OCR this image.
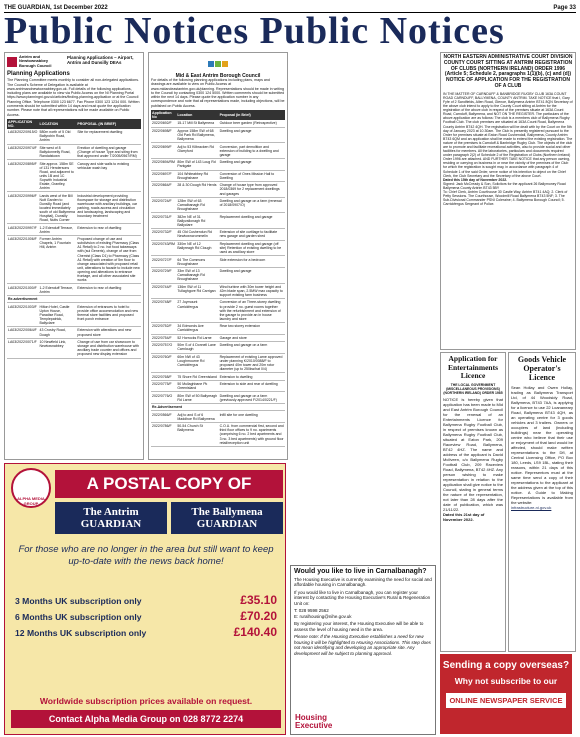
THE GUARDIAN, 1st December 2022	Page 33
Public Notices Public Notices
Antrim and Newtownabbey Borough Council
Planning Applications – Airport, Antrim and Dunsilly DEAs
Planning Applications
The Planning Committee meets monthly to consider all non-delegated applications. The Council's Scheme of Delegation is available at www.antrimandnewtownabbey.gov.uk. Full details of the following applications, including plans are available to view via Public Access on the NI Planning Portal https://www.planningni.gov.uk/articles/finding-planning-application or at the Council Planning Office. Telephone 0300 123 6677. Fax Phone 0300 123 1234 000. Written comments should be submitted within 14 days and must quote the application number. Please note that all representations will be made available on Public Access.
APPLICATION NO.	LOCATION	PROPOSAL (IN BRIEF)
LA03/2022/0915/O	580m north of 5 Old Ballyrobin Road, Antrim	Site for replacement dwelling
LA03/2022/0974/F	Site west of 8 Ballydonnelly Road, Randalstown	Erection of dwelling and garage (Change of house Type and siting from that approved under T/2005/0567/RM)
LA03/2022/0895/F	Site approx. 158m SE of 131 Hendersons Road, and adjacent to units 1B and 1C Sopwith Industrial Estate, Grantley, Antrim	Canopy and side walls to existing vehicular wash bay
LA03/2022/0996/F	Lands west of the Bill Nutt Garden to Dunsilly Road (and located immediately south of old Ballymena Hospital), Dunsilly Road, Nutts Corner	Industrial development providing floorspace for storage and distribution warehouse with ancillary buildings, car parking, roads access and circulation and landscaping, landscaping and boundary treatment
LA03/2022/0997/F	1-2 Edenduff Terrace, Antrim	Extension to rear of dwelling
LA03/2022/1006/F	Former Antrim Chapels, 1 Fountain Hill, Antrim	Proposed change of use and subdivision of existing Pharmacy (Class A1 Retail) to 2 no. hot food takeaways with (sui Generis), change of use from Chemist (Class D1) to Pharmacy (Class A1 Retail) with creation of 5m floor to change associated with proposed retail unit, alterations to facade to include new opening and alterations to entrance frontage, and all other associated site works
LA03/2022/1000/F	1-2 Edenduff Terrace, Antrim	Extension to rear of dwelling
Re-advertisement		
LA03/2022/1003/F	Hilton Hotel, Castle Upton House, Paradise Road, Templepatrick, Ballyclare	Extension of entrances to hotel to provide office accommodation and new thermal store facilities and proposed front porch entrance
LA03/2022/0064/F	43 Crosby Road, Doagh	Extension with alterations and new proposed store
LA03/2022/0071/F	10 Newfield Link, Newtownabbey	Change of use from car showroom to storage and distribution warehouse with ancillary trade counter and offices and proposed new display extension
ALPHA MEDIA GROUP
A POSTAL COPY OF
The Antrim GUARDIAN
The Ballymena GUARDIAN
For those who are no longer in the area but still want to keep up-to-date with the news back home!
3 Months UK subscription only	£35.10
6 Months UK subscription only	£70.20
12 Months UK subscription only	£140.40
Worldwide subscription prices available on request.
Contact Alpha Media Group on 028 8772 2274
Mid & East Antrim Borough Council
For details of the following planning applications including plans, maps and drawings are available to view on Public Access at www.midandeastantrim.gov.uk/planning. Representations should be made in writing to the Council by contacting 0300 124 5000. Written comments should be submitted within the next 14 days. Please quote the application number in any correspondence and note that all representations made, including objections, will be published on Public Access.
Application No	Location	Proposal (in Brief)
2022/0692/F	15-17 Mill St Ballymena	Outdoor beer garden (Retrospective)
2022/0698/F	Approx 158m SW of 68 Old Park Rd Ballymena, Ballymena	Dwelling and garage
2022/0699/F	Adj to 53 Kilbracken Rd Glarryford	Conversion, part demolition and extension of building to a dwelling and garage
2022/0694/RM	80m SW of 143 Loug Rd Parkgate	Dwelling and garage
2022/0697/F	104 Whiteabbey Rd Broughshane	Conversion of Ones Mission Hall to Dwelling
2022/0664/F	28 & 30 Dough Rd Herds	Change of house type from approved 2018/0369 for 2 replacement dwellings and garages
2022/0724/F	128m SW of 63 Carnalbanagh Rd Broughshane	Dwelling and garage on a farm (renewal of 2018/0907/O)
2022/0731/F	382m NE of 31 Ballyvallonagh Rd Ballyclare	Replacement dwelling and garage
2022/0732/F	45 Old Cushendun Rd Newtowncrommelin	Extension of site curtilage to facilitate new garage and garden shed
2022/0743/RM	330m NE of 12 Ballyreagh Rd Clough	Replacement dwelling and garage (off site) Retention of existing dwelling to be used as ancillary store
2022/0727/F	64 The Commons Broughshane	Side extension for a bedroom
2022/0729/F	33m SW of 13 Carnalbanagh Rd Broughshane	Dwelling and garage
2022/0744/F	136m SW of 11 Tullaghgore Rd Carrigan	Wind turbine with 30m tower height and 42m blade span, 2.5MW max capacity to support existing farm business
2022/0748/F	27 Joymount Carrickfergus	Conversion of an Three-storey dwelling to provide 2 no. guest rooms together with the refurbishment and extension of the garage to provide an in house laundry and store
2022/0752/F	34 Edmonds Ave Carrickfergus	Rear two storey extension
2022/0754/F	52 Horrocks Rd Larne	Garage and store
2022/0757/O	50m S of 4 Donnell Lane Carnlough	Dwelling and garage on a farm
2022/0760/F	60m NW of 43 Loughmourne Rd Carrickfergus	Replacement of existing Larne approved under planning K/2010/0088/F to proposed 40m tower and 20m rotor diameter (up to 250kw/hat 0/4)
2022/0768/F	75 Shore Rd Greenisland	Extension to dwelling
2022/0775/F	50 Mullaghbane Pk Greenisland	Extension to side and rear of dwelling
2022/0776/O	80m SW of 50 Ballyreagh Rd Larne	Dwelling and garage on a farm (previously approved F/2014/0221/F)
Re-Advertisement		
2022/0566/F	Adj to and S of 6 Maddhoe Rd Ballymena	Infill site for one dwelling
2022/0786/F	50-54 Church St Ballymena	C.O.U. from commercial first, second and third floor offices to 9 no. apartments (comprising 6 no. 2 bed apartments and 3 no. 3 bed apartments) with ground floor retail/reception unit
Would you like to live in Carnalbanagh?

The Housing Executive is currently examining the need for social and affordable housing in Carnalbanagh.

If you would like to live in Carnalbanagh, you can register your interest by contacting the Housing Executive's Rural & Regeneration Unit on:

T: 028 9598 2562

E: ruralhousing@nihe.gov.uk

By registering your interest, the Housing Executive will be able to assess the level of housing need in the area.

Please note: If the Housing Executive establishes a need for new housing it will be highlighted to Housing Associations. This step does not mean identifying and developing an appropriate site. Any development will be subject to planning approval.

Housing
Executive
NORTH EASTERN ADMINISTRATIVE COURT DIVISION COUNTY COURT SITTING AT ANTRIM REGISTRATION OF CLUBS (NORTHERN IRELAND) ORDER 1996 (Article 5; Schedule 2, paragraphs 1(1)(b), (c) and (d)) NOTICE OF APPLICATION FOR THE REGISTRATION OF A CLUB

IN THE MATTER OF CARNDUFF & BANBRIDGE RUGBY CLUB 163A COUNT ROAD CARNDUFF, BALLYMENA, COUNTY ANTRIM. TAKE NOTICE that I, Gary Fyfe of 2 Sandfields, Allen Road, Glenoe, Ballymena Antrim BT41 8QN Secretary of the above club intend to apply to the County Court sitting at Antrim for the registration of the above club in respect of the premises situate at 163A Count Road, Carnduff, Ballymena, and NOT ON THE REGISTER. The particulars of the above application are as follows: The club is a members club of Ballymena Rugby Football Club. The club premises are situated at 163A Count Road, Ballymena County Antrim BT42 4QH. The registration will be dealt with by the Court on the 5th day of January 2023 at 10.30am. The Club is presently registered pursuant to the Order for premises situate at Eaton Road Cushendall, Ballymena, County Antrim BT43 6QM and an application shall be made to extend the existing registration. The nature of the premises is Carnduff & Banbridge Rugby Club. The objects of the club are to promote and facilitate recreational activities, also to provide social and other facilities for members. All the laboratories, particulars and documents required under paragraph 2(2) of Schedule 2 of the Registration of Clubs (Northern Ireland) Order 1996 are attached. AND FURTHER TAKE NOTICE that any person owning, residing or carrying on business in or near the vicinity of the premises of the Club for which the registration is sought may, in accordance with paragraph 4 of Schedule 1 of the said Order, serve notice of his intention to object on the Chief Clerk, the Club Secretary and the Secretary of the above Court.

Dated this 15th day of November 2022.

Signed: Jack McCready & Son, Solicitors for the applicant 26 Ballymoney Road Ballymena County Antrim BT43 5BY

To: Chief Clerk, Antrim Courthouse 30 Castle Way, Antrim BT41 4AQ; 2. Clerk of Petty Sessions. The Courthouse, Woodmill Road Ballymena BT43 5NF; 3. The Sub-Divisional Commander PSNI Coleraine; 4. Ballymena Borough Council; 5. Carrickfergus Sergeant of Police.

Application for Entertainments Licence
THE LOCAL GOVERNMENT (MISCELLANEOUS PROVISIONS) (NORTHERN IRELAND) ORDER 1985

NOTICE is hereby given that application has been made to Mid and East Antrim Borough Council for the renewal of an Entertainments Licence for Ballymena Rugby Football Club, in respect of premises known as Ballymena Rugby Football Club, situated at Eaton Park, 209 Raceview Road, Ballymena, BT42 4HZ. The name and address of the applicant is David McIlveen, c/o Ballymena Rugby Football Club, 209 Raceview Road, Ballymena, BT42 4HZ. Any person wishing to make representation in relation to the application shall give notice to the Council, stating in general terms the nature of the representation, not later than 28 days after the date of publication, which was 21/11/22.

Dated this 21st day of November 2022.

Goods Vehicle Operator's Licence

Sean Hollay and Owen Hollay, trading as Ballymena Transport Ltd, of 44 Woodsidy Road, Ballymena, BT43 7AA, is applying for a licence to use 22 Loananeary Road, Ballymena BT43 4QH, as an operating centre for 3 goods vehicles and 3 trailers. Owners or occupiers of land (including buildings) near the operating centre who believe that their use or enjoyment of that land would be affected, should make written representations to the DfI, at Central Licensing Office, PO Box 180, Leeds, LS9 1BL, stating their reasons, within 21 days of this notice. Representors must at the same time send a copy of their representations to the applicant at the address given at the top of this notice. A Guide to Making Representations is available from the website:

infrastructure-ni.gov.uk

Sending a copy overseas?
Why not subscribe to our
ONLINE NEWSPAPER SERVICE
